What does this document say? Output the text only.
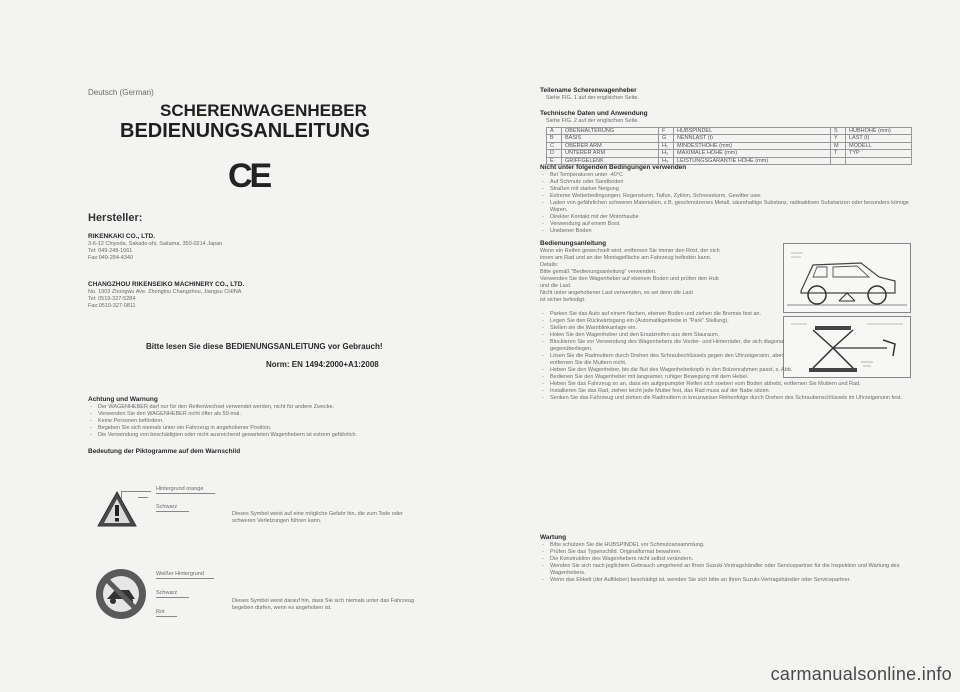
Deutsch (German)
SCHERENWAGENHEBER
BEDIENUNGSANLEITUNG
CE
Hersteller:
RIKENKAKI CO., LTD.
3-6-12 Chiyoda, Sakado-shi, Saitama, 350-0214 Japan
Tel: 049-248-1661
Fax:049-284-4340
CHANGZHOU RIKENSEIKO MACHINERY CO., LTD.
No. 1903 Zhongwu Ave. Zhonglou Changzhou, Jiangsu CHINA
Tel: 0519-327-5284
Fax:0519-327-0811
Bitte lesen Sie diese BEDIENUNGSANLEITUNG vor Gebrauch!
Norm: EN 1494:2000+A1:2008
Achtung und Warnung
- Der WAGENHEBER darf nur für den Reifenwechsel verwendet werden, nicht für andere Zwecke.
- Verwenden Sie den WAGENHEBER nicht öfter als 50-mal.
- Keine Personen befördern.
- Begeben Sie sich niemals unter ein Fahrzeug in angehobener Position.
- Die Verwendung von beschädigten oder nicht ausreichend gewarteten Wagenhebern ist extrem gefährlich.
Bedeutung der Piktogramme auf dem Warnschild
Hintergrund orange
Schwarz
Dieses Symbol weist auf eine mögliche Gefahr hin, die zum Tode oder schweren Verletzungen führen kann.
Weißer Hintergrund
Schwarz
Rot
Dieses Symbol weist darauf hin, dass Sie sich niemals unter das Fahrzeug begeben dürfen, wenn es angehoben ist.
Teilename Scherenwagenheber
Siehe FIG. 1 auf der englischen Seite.
Technische Daten und Anwendung
Siehe FIG. 2 auf der englischen Seite.
A	OBENHALTERUNG	F	HUBSPINDEL	S	HUBHÖHE (mm)
B	BASIS	G	NENNLAST (t)	Y	LAST (t)
C	OBERER ARM	H₁	MINDESTHÖHE (mm)	M	MODELL
D	UNTERER ARM	H₂	MAXIMALE HÖHE (mm)	T	TYP
E	GRIFFGELENK	H₃	LEISTUNGSGARANTIE HÖHE (mm)		
Nicht unter folgenden Bedingungen verwenden
- Bei Temperaturen unter -40°C
- Auf Schmutz oder Sandboden
- Straßen mit starker Neigung
- Extreme Wetterbedingungen: Regensturm, Taifun, Zyklon, Schneesturm, Gewitter usw.
- Laden von gefährlichen schweren Materialien, z.B. geschmolzenes Metall, säurehaltige Substanz, radioaktiven Substanzen oder besonders kömige Waren.
- Direkter Kontakt mit der Motorhaube
- Verwendung auf einem Boot.
- Unebener Boden
Bedienungsanleitung
Wenn ein Reifen gewechselt wird, entfernen Sie immer den Rost, der sich
innen am Rad und an der Montagefläche am Fahrzeug befinden kann.
Details:
Bitte gemäß "Bedienungsanleitung" verwenden.
Verwenden Sie den Wagenheber auf ebenem Boden und prüfen den Hub
und die Last.
Nicht unter angehobener Last verwenden, es sei denn die Last
ist sicher befestigt.
- Parken Sie das Auto auf einem flachen, ebenen Boden und ziehen die Bremse fest an.
- Legen Sie den Rückwärtsgang ein (Automatikgetriebe in "Park" Stellung).
- Stellen sie die Warnblinkanlage ein.
- Holen Sie den Wagenheber und den Ersatzreifen aus dem Stauraum.
- Blockieren Sie vor Verwendung des Wagenhebers die Vorder- und Hinterräder, die sich diagonal gegenüberliegen.
- Lösen Sie die Radmuttern durch Drehen des Schraubschlüssels gegen den Uhrzeigersinn, aber entfernen Sie die Muttern nicht.
- Heben Sie den Wagenheber, bis die Nut des Wagenheberkopfs in den Bolzenrahmen passt, s. Abb.
- Bedienen Sie den Wagenheber mit langsamer, ruhiger Bewegung mit dem Hebel.
- Heben Sie das Fahrzeug so an, dass ein aufgepumpter Reifen sich soeben vom Boden abhebt, entfernen Sie Muttern und Rad.
- Installieren Sie das Rad, ziehen leicht jede Mutter fest, das Rad muss auf der Nabe sitzen.
- Senken Sie das Fahrzeug und ziehen die Radmuttern in kreuzweiser Reihenfolge durch Drehen des Schraubenschlüssels im Uhrzeigersinn fest.
Wartung
- Bitte schützen Sie die HUBSPINDEL vor Schmutzansammlung.
- Prüfen Sie das Typenschild. Originalformat bewahren.
- Die Konstruktion des Wagenhebers nicht selbst verändern.
- Wenden Sie sich nach jeglichem Gebrauch umgehend an Ihren Suzuki-Vertragshändler oder Servicepartner für die Inspektion und Wartung des Wagenhebers.
- Wenn das Etikett (der Aufkleber) beschädigt ist, wenden Sie sich bitte an Ihren Suzuki-Vertragshändler oder Servicepartner.
carmanualsonline.info
